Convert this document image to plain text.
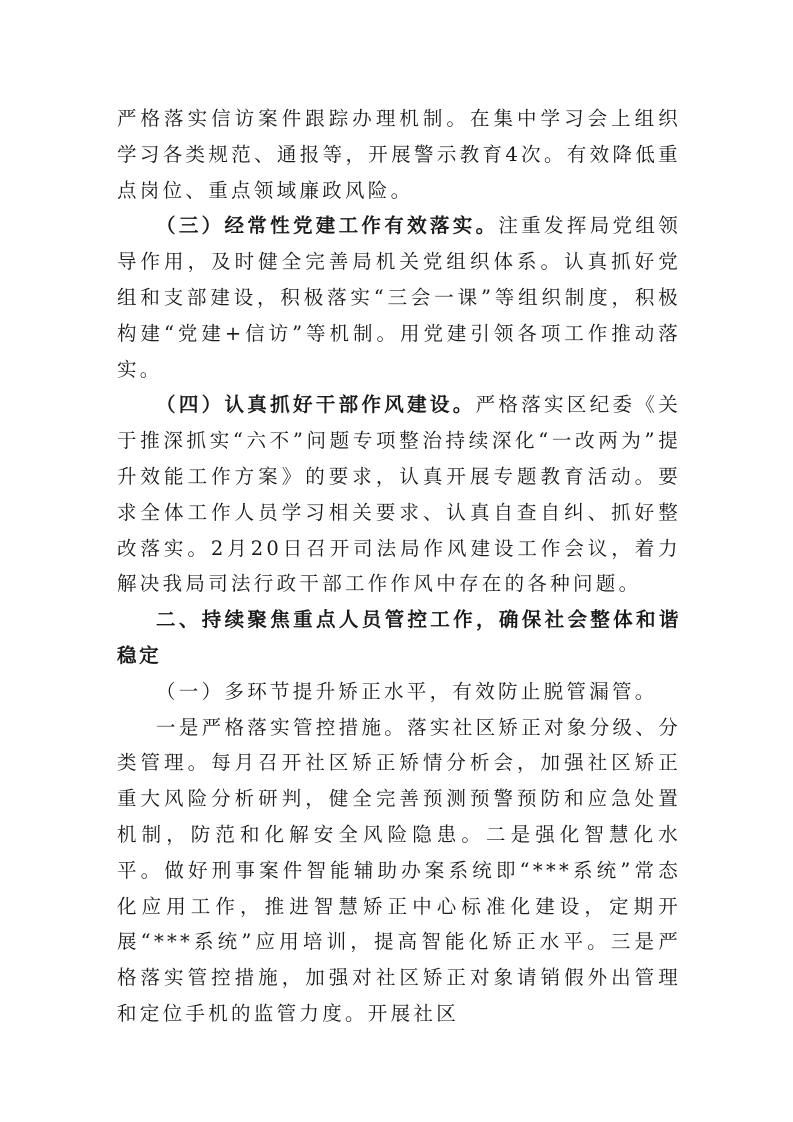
严格落实信访案件跟踪办理机制。在集中学习会上组织学习各类规范、通报等，开展警示教育4次。有效降低重点岗位、重点领域廉政风险。

（三）经常性党建工作有效落实。注重发挥局党组领导作用，及时健全完善局机关党组织体系。认真抓好党组和支部建设，积极落实“三会一课”等组织制度，积极构建“党建+信访”等机制。用党建引领各项工作推动落实。

（四）认真抓好干部作风建设。严格落实区纪委《关于推深抓实“六不”问题专项整治持续深化“一改两为”提升效能工作方案》的要求，认真开展专题教育活动。要求全体工作人员学习相关要求、认真自查自纠、抓好整改落实。2月20日召开司法局作风建设工作会议，着力解决我局司法行政干部工作作风中存在的各种问题。

二、持续聚焦重点人员管控工作，确保社会整体和谐稳定

（一）多环节提升矫正水平，有效防止脱管漏管。

一是严格落实管控措施。落实社区矫正对象分级、分类管理。每月召开社区矫正矫情分析会，加强社区矫正重大风险分析研判，健全完善预测预警预防和应急处置机制，防范和化解安全风险隐患。二是强化智慧化水平。做好刑事案件智能辅助办案系统即“***系统”常态化应用工作，推进智慧矫正中心标准化建设，定期开展“***系统”应用培训，提高智能化矫正水平。三是严格落实管控措施，加强对社区矫正对象请销假外出管理和定位手机的监管力度。开展社区
